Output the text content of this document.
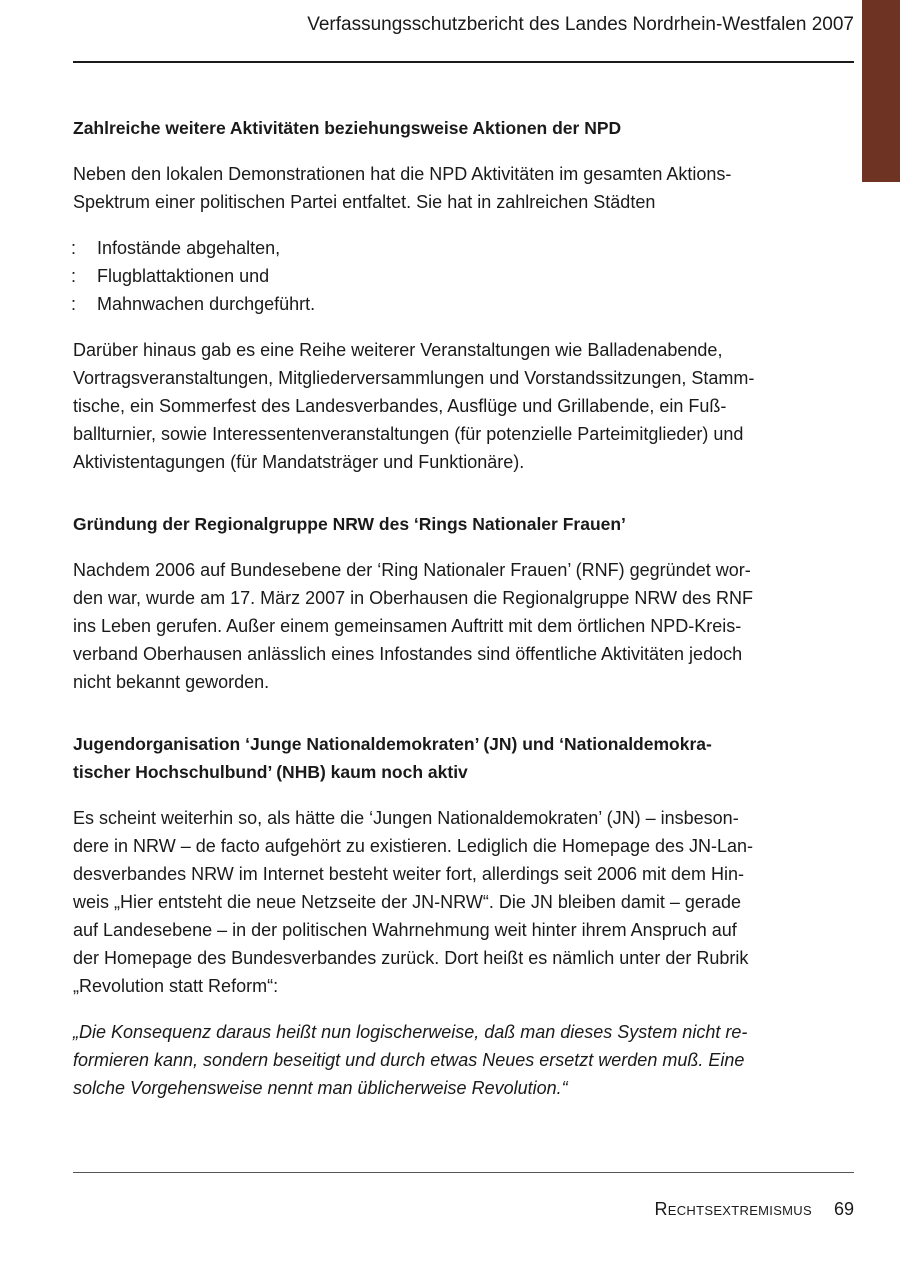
Verfassungsschutzbericht des Landes Nordrhein-Westfalen 2007
Zahlreiche weitere Aktivitäten beziehungsweise Aktionen der NPD

Neben den lokalen Demonstrationen hat die NPD Aktivitäten im gesamten Aktions-

Spektrum einer politischen Partei entfaltet. Sie hat in zahlreichen Städten

:	Infostände abgehalten,
:	Flugblattaktionen und
:	Mahnwachen durchgeführt.

Darüber hinaus gab es eine Reihe weiterer Veranstaltungen wie Balladenabende,

Vortragsveranstaltungen, Mitgliederversammlungen und Vorstandssitzungen, Stamm-

tische, ein Sommerfest des Landesverbandes, Ausflüge und Grillabende, ein Fuß-

ballturnier, sowie Interessentenveranstaltungen (für potenzielle Parteimitglieder) und

Aktivistentagungen (für Mandatsträger und Funktionäre).

Gründung der Regionalgruppe NRW des ‘Rings Nationaler Frauen’

Nachdem 2006 auf Bundesebene der ‘Ring Nationaler Frauen’ (RNF) gegründet wor-

den war, wurde am 17. März 2007 in Oberhausen die Regionalgruppe NRW des RNF

ins Leben gerufen. Außer einem gemeinsamen Auftritt mit dem örtlichen NPD-Kreis-

verband Oberhausen anlässlich eines Infostandes sind öffentliche Aktivitäten jedoch

nicht bekannt geworden.

Jugendorganisation ‘Junge Nationaldemokraten’ (JN) und ‘Nationaldemokra-
tischer Hochschulbund’ (NHB) kaum noch aktiv

Es scheint weiterhin so, als hätte die ‘Jungen Nationaldemokraten’ (JN) – insbeson-

dere in NRW – de facto aufgehört zu existieren. Lediglich die Homepage des JN-Lan-

desverbandes NRW im Internet besteht weiter fort, allerdings seit 2006 mit dem Hin-

weis „Hier entsteht die neue Netzseite der JN-NRW“. Die JN bleiben damit – gerade

auf Landesebene – in der politischen Wahrnehmung weit hinter ihrem Anspruch auf

der Homepage des Bundesverbandes zurück. Dort heißt es nämlich unter der Rubrik

„Revolution statt Reform“:

„Die Konsequenz daraus heißt nun logischerweise, daß man dieses System nicht re-

formieren kann, sondern beseitigt und durch etwas Neues ersetzt werden muß. Eine

solche Vorgehensweise nennt man üblicherweise Revolution.“

Rechtsextremismus 69
